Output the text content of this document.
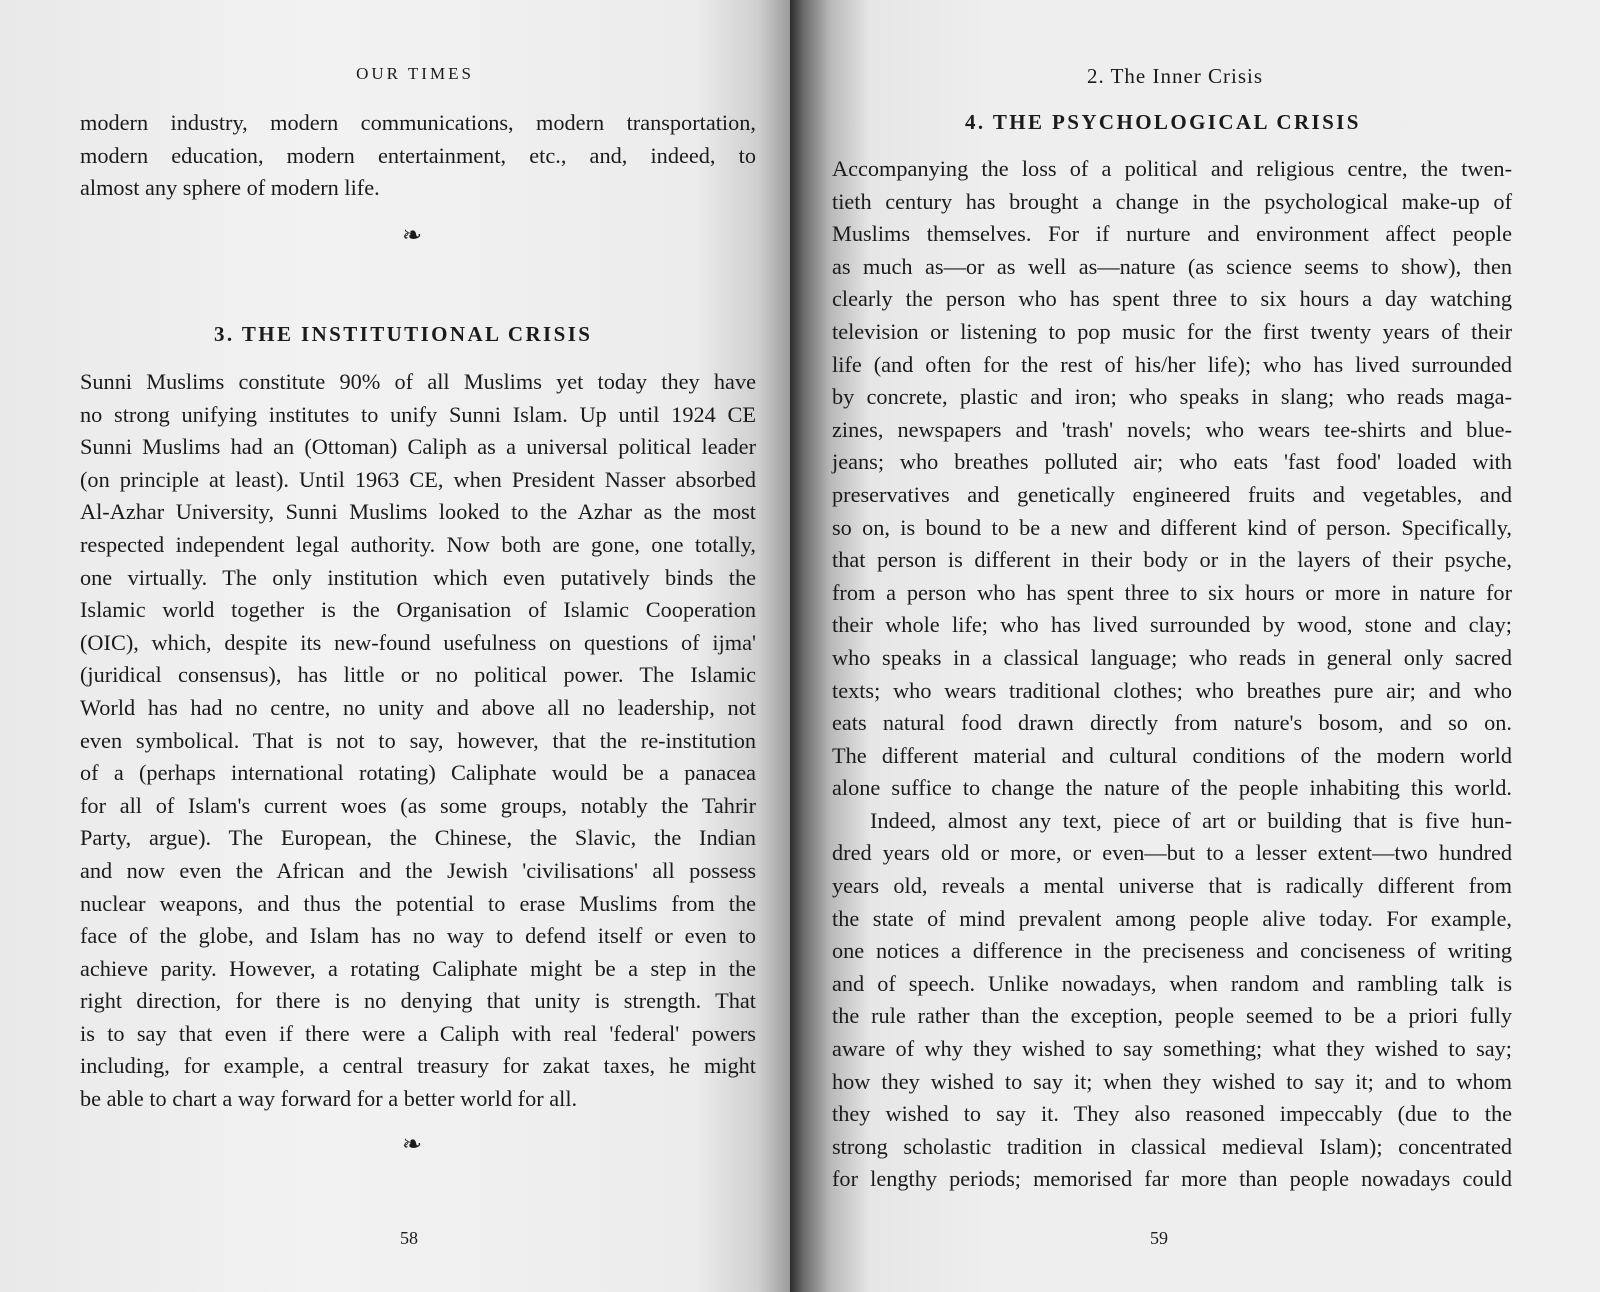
OUR TIMES
modern industry, modern communications, modern transportation,
modern education, modern entertainment, etc., and, indeed, to
almost any sphere of modern life.
❧
3. THE INSTITUTIONAL CRISIS
Sunni Muslims constitute 90% of all Muslims yet today they have
no strong unifying institutes to unify Sunni Islam. Up until 1924 CE
Sunni Muslims had an (Ottoman) Caliph as a universal political leader
(on principle at least). Until 1963 CE, when President Nasser absorbed
Al-Azhar University, Sunni Muslims looked to the Azhar as the most
respected independent legal authority. Now both are gone, one totally,
one virtually. The only institution which even putatively binds the
Islamic world together is the Organisation of Islamic Cooperation
(OIC), which, despite its new-found usefulness on questions of ijma'
(juridical consensus), has little or no political power. The Islamic
World has had no centre, no unity and above all no leadership, not
even symbolical. That is not to say, however, that the re-institution
of a (perhaps international rotating) Caliphate would be a panacea
for all of Islam's current woes (as some groups, notably the Tahrir
Party, argue). The European, the Chinese, the Slavic, the Indian
and now even the African and the Jewish 'civilisations' all possess
nuclear weapons, and thus the potential to erase Muslims from the
face of the globe, and Islam has no way to defend itself or even to
achieve parity. However, a rotating Caliphate might be a step in the
right direction, for there is no denying that unity is strength. That
is to say that even if there were a Caliph with real 'federal' powers
including, for example, a central treasury for zakat taxes, he might
be able to chart a way forward for a better world for all.
❧
58
2. The Inner Crisis
4. THE PSYCHOLOGICAL CRISIS
Accompanying the loss of a political and religious centre, the twen-
tieth century has brought a change in the psychological make-up of
Muslims themselves. For if nurture and environment affect people
as much as—or as well as—nature (as science seems to show), then
clearly the person who has spent three to six hours a day watching
television or listening to pop music for the first twenty years of their
life (and often for the rest of his/her life); who has lived surrounded
by concrete, plastic and iron; who speaks in slang; who reads maga-
zines, newspapers and 'trash' novels; who wears tee-shirts and blue-
jeans; who breathes polluted air; who eats 'fast food' loaded with
preservatives and genetically engineered fruits and vegetables, and
so on, is bound to be a new and different kind of person. Specifically,
that person is different in their body or in the layers of their psyche,
from a person who has spent three to six hours or more in nature for
their whole life; who has lived surrounded by wood, stone and clay;
who speaks in a classical language; who reads in general only sacred
texts; who wears traditional clothes; who breathes pure air; and who
eats natural food drawn directly from nature's bosom, and so on.
The different material and cultural conditions of the modern world
alone suffice to change the nature of the people inhabiting this world.
Indeed, almost any text, piece of art or building that is five hun-
dred years old or more, or even—but to a lesser extent—two hundred
years old, reveals a mental universe that is radically different from
the state of mind prevalent among people alive today. For example,
one notices a difference in the preciseness and conciseness of writing
and of speech. Unlike nowadays, when random and rambling talk is
the rule rather than the exception, people seemed to be a priori fully
aware of why they wished to say something; what they wished to say;
how they wished to say it; when they wished to say it; and to whom
they wished to say it. They also reasoned impeccably (due to the
strong scholastic tradition in classical medieval Islam); concentrated
for lengthy periods; memorised far more than people nowadays could
59
